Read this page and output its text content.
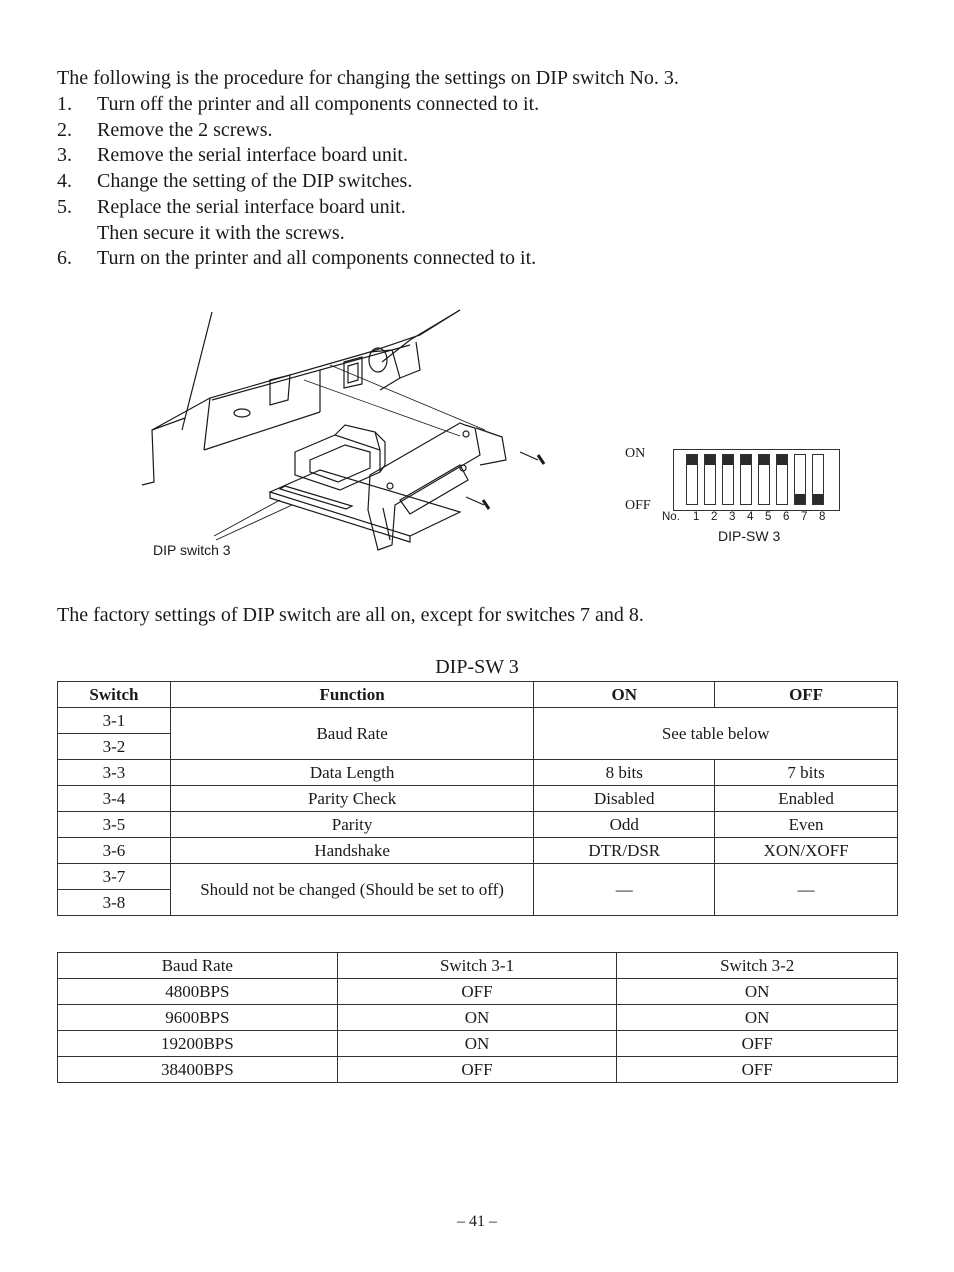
The following is the procedure for changing the settings on DIP switch No. 3.

1. Turn off the printer and all components connected to it.
2. Remove the 2 screws.
3. Remove the serial interface board unit.
4. Change the setting of the DIP switches.
5. Replace the serial interface board unit.
Then secure it with the screws.
6. Turn on the printer and all components connected to it.
DIP switch 3
ON
OFF
No. 1 2 3 4 5 6 7 8
DIP-SW 3

The factory settings of DIP switch are all on, except for switches 7 and 8.

DIP-SW 3
Switch	Function	ON	OFF
3-1	Baud Rate	See table below	
3-2			
3-3	Data Length	8 bits	7 bits
3-4	Parity Check	Disabled	Enabled
3-5	Parity	Odd	Even
3-6	Handshake	DTR/DSR	XON/XOFF
3-7	Should not be changed (Should be set to off)	—	—
3-8			
Baud Rate	Switch 3-1	Switch 3-2
4800BPS	OFF	ON
9600BPS	ON	ON
19200BPS	ON	OFF
38400BPS	OFF	OFF
– 41 –
